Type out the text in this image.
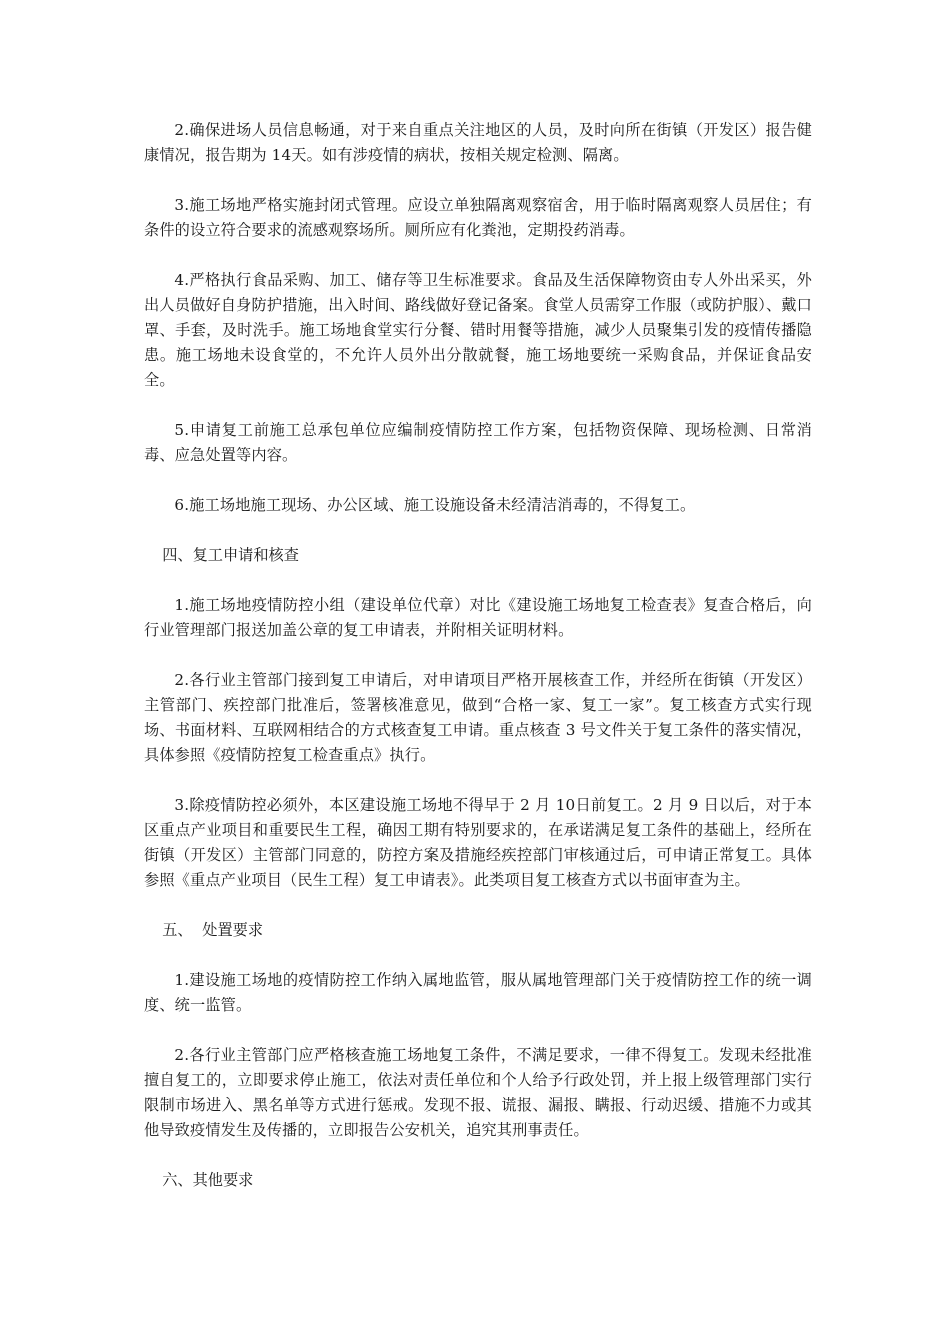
2.确保进场人员信息畅通，对于来自重点关注地区的人员，及时向所在街镇（开发区）报告健康情况，报告期为 14天。如有涉疫情的病状，按相关规定检测、隔离。

3.施工场地严格实施封闭式管理。应设立单独隔离观察宿舍，用于临时隔离观察人员居住；有条件的设立符合要求的流感观察场所。厕所应有化粪池，定期投药消毒。

4.严格执行食品采购、加工、储存等卫生标准要求。食品及生活保障物资由专人外出采买，外出人员做好自身防护措施，出入时间、路线做好登记备案。食堂人员需穿工作服（或防护服）、戴口罩、手套，及时洗手。施工场地食堂实行分餐、错时用餐等措施，减少人员聚集引发的疫情传播隐患。施工场地未设食堂的，不允许人员外出分散就餐，施工场地要统一采购食品，并保证食品安全。

5.申请复工前施工总承包单位应编制疫情防控工作方案，包括物资保障、现场检测、日常消毒、应急处置等内容。

6.施工场地施工现场、办公区域、施工设施设备未经清洁消毒的，不得复工。

四、复工申请和核查

1.施工场地疫情防控小组（建设单位代章）对比《建设施工场地复工检查表》复查合格后，向行业管理部门报送加盖公章的复工申请表，并附相关证明材料。

2.各行业主管部门接到复工申请后，对申请项目严格开展核查工作，并经所在街镇（开发区）主管部门、疾控部门批准后，签署核准意见，做到“合格一家、复工一家”。复工核查方式实行现场、书面材料、互联网相结合的方式核查复工申请。重点核查 3 号文件关于复工条件的落实情况，具体参照《疫情防控复工检查重点》执行。

3.除疫情防控必须外，本区建设施工场地不得早于 2 月 10日前复工。2 月 9 日以后，对于本区重点产业项目和重要民生工程，确因工期有特别要求的，在承诺满足复工条件的基础上，经所在街镇（开发区）主管部门同意的，防控方案及措施经疾控部门审核通过后，可申请正常复工。具体参照《重点产业项目（民生工程）复工申请表》。此类项目复工核查方式以书面审查为主。

五、  处置要求

1.建设施工场地的疫情防控工作纳入属地监管，服从属地管理部门关于疫情防控工作的统一调度、统一监管。

2.各行业主管部门应严格核查施工场地复工条件，不满足要求，一律不得复工。发现未经批准擅自复工的，立即要求停止施工，依法对责任单位和个人给予行政处罚，并上报上级管理部门实行限制市场进入、黑名单等方式进行惩戒。发现不报、谎报、漏报、瞒报、行动迟缓、措施不力或其他导致疫情发生及传播的，立即报告公安机关，追究其刑事责任。

六、其他要求
